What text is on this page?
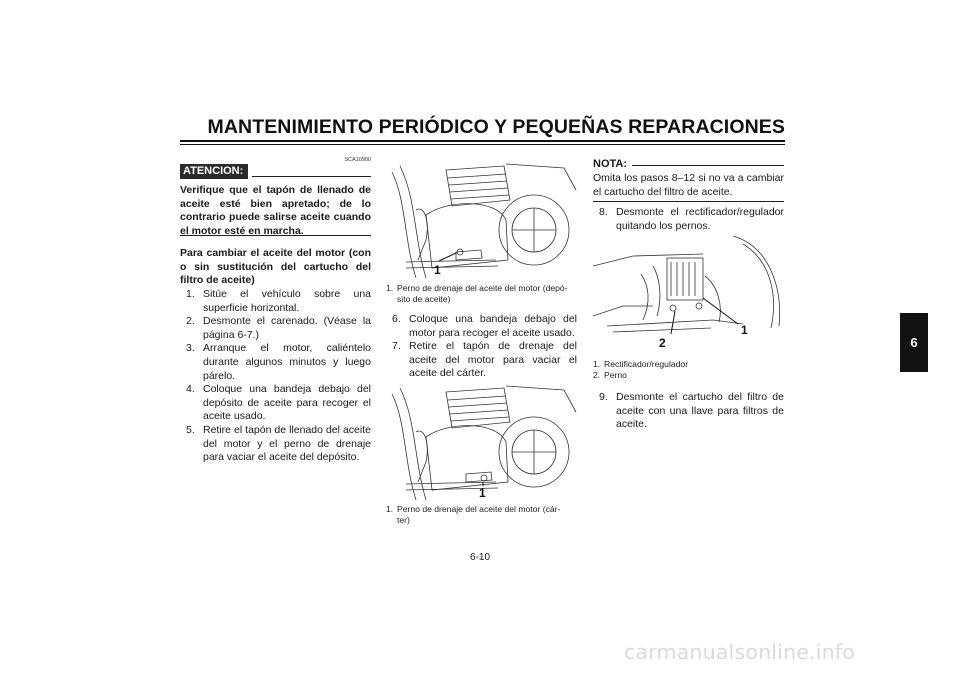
MANTENIMIENTO PERIÓDICO Y PEQUEÑAS REPARACIONES
6
SCA10900
ATENCION:

Verifique que el tapón de llenado de aceite esté bien apretado; de lo contrario puede salirse aceite cuando el motor esté en marcha.

Para cambiar el aceite del motor (con o sin sustitución del cartucho del filtro de aceite)

1. Sitúe el vehículo sobre una superficie horizontal.
2. Desmonte el carenado. (Véase la página 6-7.)
3. Arranque el motor, caliéntelo durante algunos minutos y luego párelo.
4. Coloque una bandeja debajo del depósito de aceite para recoger el aceite usado.
5. Retire el tapón de llenado del aceite del motor y el perno de drenaje para vaciar el aceite del depósito.
1
1. Perno de drenaje del aceite del motor (depó-
sito de aceite)
6. Coloque una bandeja debajo del motor para recoger el aceite usado.
7. Retire el tapón de drenaje del aceite del motor para vaciar el aceite del cárter.
1
1. Perno de drenaje del aceite del motor (cár-
ter)
NOTA:

Omita los pasos 8–12 si no va a cambiar el cartucho del filtro de aceite.

8. Desmonte el rectificador/regulador quitando los pernos.
1
2
1. Rectificador/regulador
2. Perno
9. Desmonte el cartucho del filtro de aceite con una llave para filtros de aceite.
6-10
carmanualsonline.info
